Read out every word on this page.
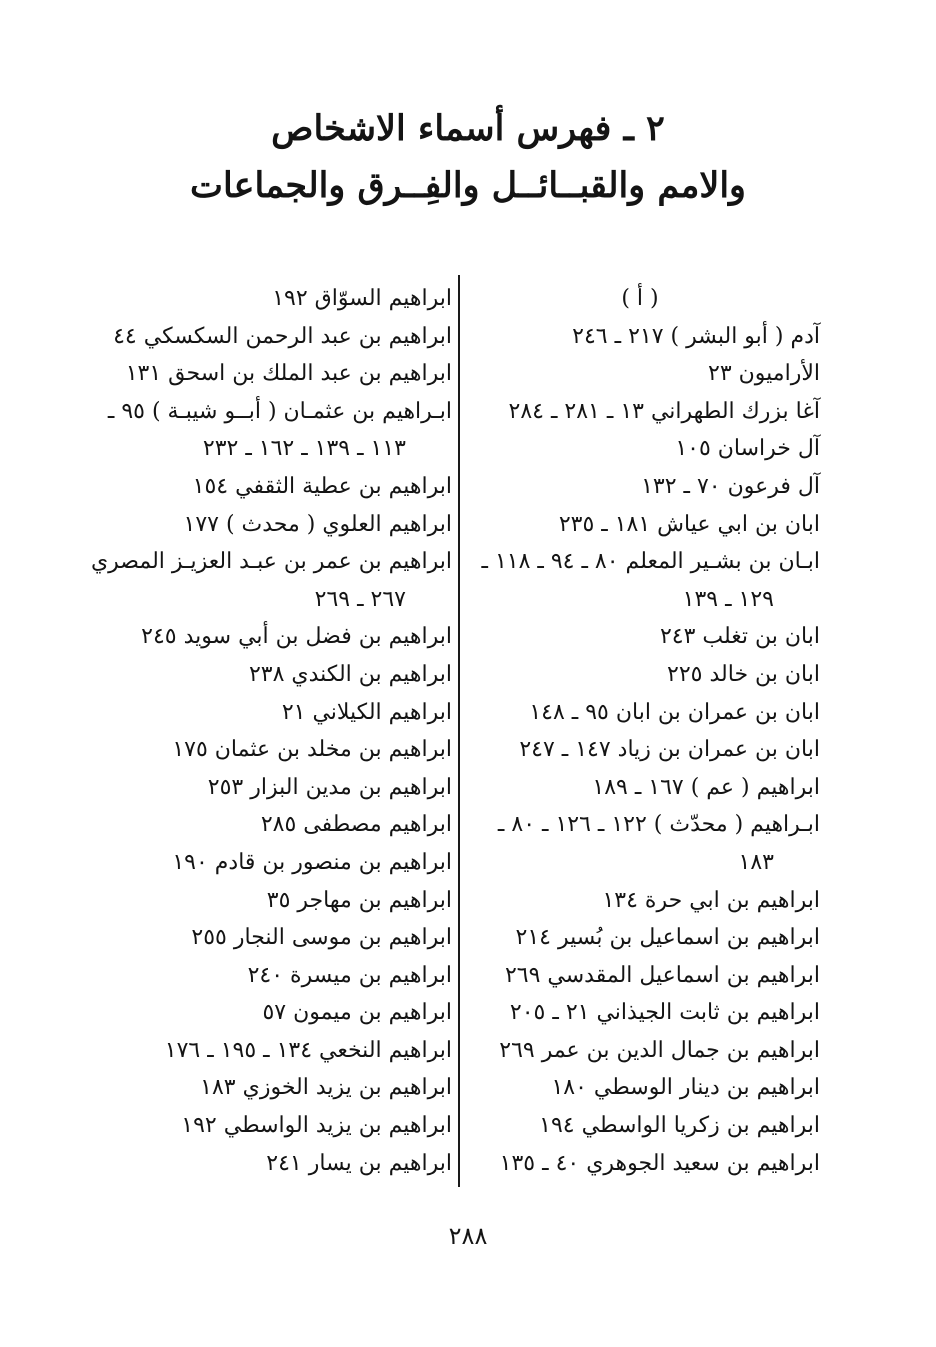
٢ ـ فهرس أسماء الاشخاص
والامم والقبــائــل والفِــرق والجماعات
( أ )
آدم ( أبو البشر ) ٢١٧ ـ ٢٤٦
الأراميون ٢٣
آغا بزرك الطهراني ١٣ ـ ٢٨١ ـ ٢٨٤
آل خراسان ١٠٥
آل فرعون ٧٠ ـ ١٣٢
ابان بن ابي عياش ١٨١ ـ ٢٣٥
ابـان بن بشـير المعلم ٨٠ ـ ٩٤ ـ ١١٨ ـ
١٢٩ ـ ١٣٩
ابان بن تغلب ٢٤٣
ابان بن خالد ٢٢٥
ابان بن عمران بن ابان ٩٥ ـ ١٤٨
ابان بن عمران بن زياد ١٤٧ ـ ٢٤٧
ابراهيم ( عم ) ١٦٧ ـ ١٨٩
ابـراهيم ( محدّث ) ١٢٢ ـ ١٢٦ ـ ٨٠ ـ
١٨٣
ابراهيم بن ابي حرة ١٣٤
ابراهيم بن اسماعيل بن بُسير ٢١٤
ابراهيم بن اسماعيل المقدسي ٢٦٩
ابراهيم بن ثابت الجيذاني ٢١ ـ ٢٠٥
ابراهيم بن جمال الدين بن عمر ٢٦٩
ابراهيم بن دينار الوسطي ١٨٠
ابراهيم بن زكريا الواسطي ١٩٤
ابراهيم بن سعيد الجوهري ٤٠ ـ ١٣٥
ابراهيم السوّاق ١٩٢
ابراهيم بن عبد الرحمن السكسكي ٤٤
ابراهيم بن عبد الملك بن اسحق ١٣١
ابـراهيم بن عثمـان ( أبــو شيبـة ) ٩٥ ـ
١١٣ ـ ١٣٩ ـ ١٦٢ ـ ٢٣٢
ابراهيم بن عطية الثقفي ١٥٤
ابراهيم العلوي ( محدث ) ١٧٧
ابراهيم بن عمر بن عبـد العزيـز المصري
٢٦٧ ـ ٢٦٩
ابراهيم بن فضل بن أبي سويد ٢٤٥
ابراهيم بن الكندي ٢٣٨
ابراهيم الكيلاني ٢١
ابراهيم بن مخلد بن عثمان ١٧٥
ابراهيم بن مدين البزار ٢٥٣
ابراهيم مصطفى ٢٨٥
ابراهيم بن منصور بن قادم ١٩٠
ابراهيم بن مهاجر ٣٥
ابراهيم بن موسى النجار ٢٥٥
ابراهيم بن ميسرة ٢٤٠
ابراهيم بن ميمون ٥٧
ابراهيم النخعي ١٣٤ ـ ١٩٥ ـ ١٧٦
ابراهيم بن يزيد الخوزي ١٨٣
ابراهيم بن يزيد الواسطي ١٩٢
ابراهيم بن يسار ٢٤١
٢٨٨
